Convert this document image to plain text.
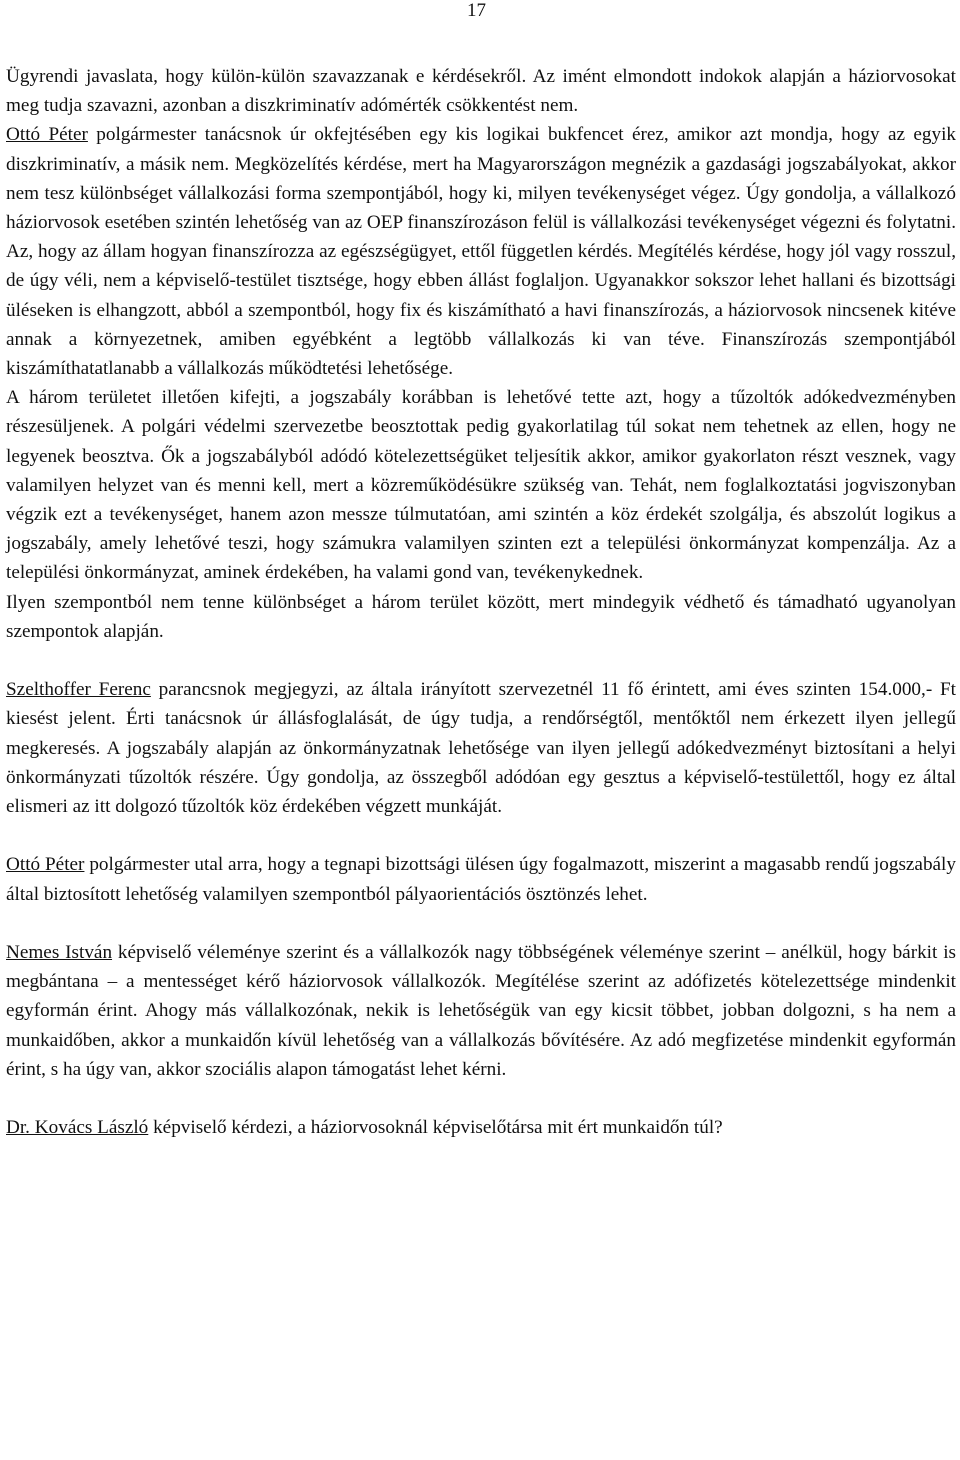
17

Ügyrendi javaslata, hogy külön-külön szavazzanak e kérdésekről. Az imént elmondott indokok alapján a háziorvosokat meg tudja szavazni, azonban a diszkriminatív adómérték csökkentést nem.

Ottó Péter polgármester tanácsnok úr okfejtésében egy kis logikai bukfencet érez, amikor azt mondja, hogy az egyik diszkriminatív, a másik nem. Megközelítés kérdése, mert ha Magyarországon megnézik a gazdasági jogszabályokat, akkor nem tesz különbséget vállalkozási forma szempontjából, hogy ki, milyen tevékenységet végez. Úgy gondolja, a vállalkozó háziorvosok esetében szintén lehetőség van az OEP finanszírozáson felül is vállalkozási tevékenységet végezni és folytatni. Az, hogy az állam hogyan finanszírozza az egészségügyet, ettől független kérdés. Megítélés kérdése, hogy jól vagy rosszul, de úgy véli, nem a képviselő-testület tisztsége, hogy ebben állást foglaljon. Ugyanakkor sokszor lehet hallani és bizottsági üléseken is elhangzott, abból a szempontból, hogy fix és kiszámítható a havi finanszírozás, a háziorvosok nincsenek kitéve annak a környezetnek, amiben egyébként a legtöbb vállalkozás ki van téve. Finanszírozás szempontjából kiszámíthatatlanabb a vállalkozás működtetési lehetősége.

A három területet illetően kifejti, a jogszabály korábban is lehetővé tette azt, hogy a tűzoltók adókedvezményben részesüljenek. A polgári védelmi szervezetbe beosztottak pedig gyakorlatilag túl sokat nem tehetnek az ellen, hogy ne legyenek beosztva. Ők a jogszabályból adódó kötelezettségüket teljesítik akkor, amikor gyakorlaton részt vesznek, vagy valamilyen helyzet van és menni kell, mert a közreműködésükre szükség van. Tehát, nem foglalkoztatási jogviszonyban végzik ezt a tevékenységet, hanem azon messze túlmutatóan, ami szintén a köz érdekét szolgálja, és abszolút logikus a jogszabály, amely lehetővé teszi, hogy számukra valamilyen szinten ezt a települési önkormányzat kompenzálja. Az a települési önkormányzat, aminek érdekében, ha valami gond van, tevékenykednek.

Ilyen szempontból nem tenne különbséget a három terület között, mert mindegyik védhető és támadható ugyanolyan szempontok alapján.

Szelthoffer Ferenc parancsnok megjegyzi, az általa irányított szervezetnél 11 fő érintett, ami éves szinten 154.000,- Ft kiesést jelent. Érti tanácsnok úr állásfoglalását, de úgy tudja, a rendőrségtől, mentőktől nem érkezett ilyen jellegű megkeresés. A jogszabály alapján az önkormányzatnak lehetősége van ilyen jellegű adókedvezményt biztosítani a helyi önkormányzati tűzoltók részére. Úgy gondolja, az összegből adódóan egy gesztus a képviselő-testülettől, hogy ez által elismeri az itt dolgozó tűzoltók köz érdekében végzett munkáját.

Ottó Péter polgármester utal arra, hogy a tegnapi bizottsági ülésen úgy fogalmazott, miszerint a magasabb rendű jogszabály által biztosított lehetőség valamilyen szempontból pályaorientációs ösztönzés lehet.

Nemes István képviselő véleménye szerint és a vállalkozók nagy többségének véleménye szerint – anélkül, hogy bárkit is megbántana – a mentességet kérő háziorvosok vállalkozók. Megítélése szerint az adófizetés kötelezettsége mindenkit egyformán érint. Ahogy más vállalkozónak, nekik is lehetőségük van egy kicsit többet, jobban dolgozni, s ha nem a munkaidőben, akkor a munkaidőn kívül lehetőség van a vállalkozás bővítésére. Az adó megfizetése mindenkit egyformán érint, s ha úgy van, akkor szociális alapon támogatást lehet kérni.

Dr. Kovács László képviselő kérdezi, a háziorvosoknál képviselőtársa mit ért munkaidőn túl?
